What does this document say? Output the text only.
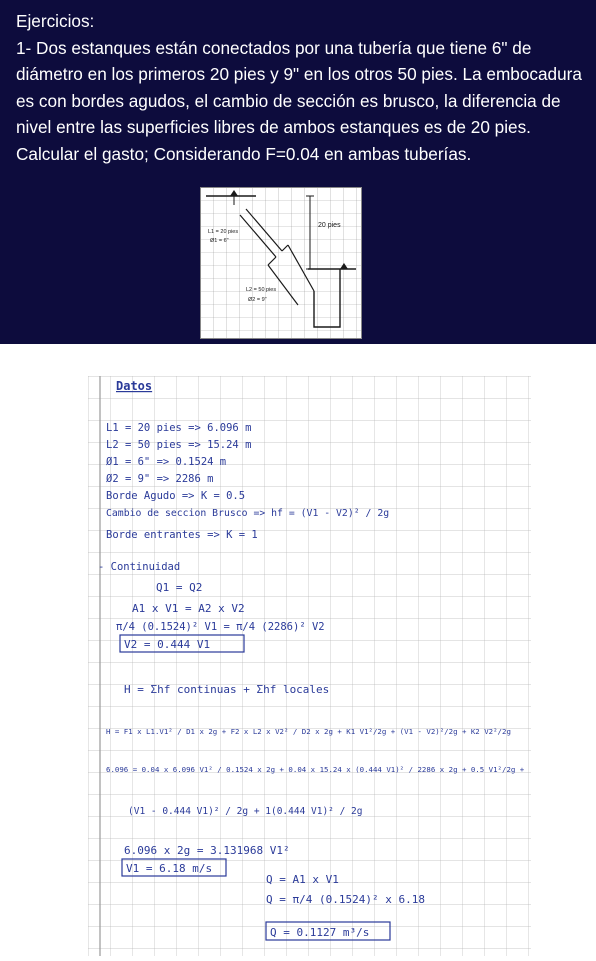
Ejercicios:

1- Dos estanques están conectados por una tubería que tiene 6" de diámetro en los primeros 20 pies y 9" en los otros 50 pies. La embocadura es con bordes agudos, el cambio de sección es brusco, la diferencia de nivel entre las superficies libres de ambos estanques es de 20 pies. Calcular el gasto; Considerando F=0.04 en ambas tuberías.

20 pies
L1 = 20 pies
Ø1 = 6"
L2 = 50 pies
Ø2 = 9"
Datos
L1 = 20 pies => 6.096 m
L2 = 50 pies => 15.24 m
Ø1 = 6" => 0.1524 m
Ø2 = 9" => 2286 m
Borde Agudo => K = 0.5
Cambio de seccion Brusco => hf = (V1 - V2)² / 2g
Borde entrantes => K = 1
- Continuidad
Q1 = Q2
A1 x V1 = A2 x V2
π/4 (0.1524)² V1 = π/4 (2286)² V2
V2 = 0.444 V1
H = Σhf continuas + Σhf locales
H = F1 x L1.V1² / D1 x 2g + F2 x L2 x V2² / D2 x 2g + K1 V1²/2g + (V1 - V2)²/2g + K2 V2²/2g
6.096 = 0.04 x 6.096 V1² / 0.1524 x 2g + 0.04 x 15.24 x (0.444 V1)² / 2286 x 2g + 0.5 V1²/2g +
(V1 - 0.444 V1)² / 2g + 1(0.444 V1)² / 2g
6.096 x 2g = 3.131968 V1²
V1 = 6.18 m/s
Q = A1 x V1
Q = π/4 (0.1524)² x 6.18
Q = 0.1127 m³/s
